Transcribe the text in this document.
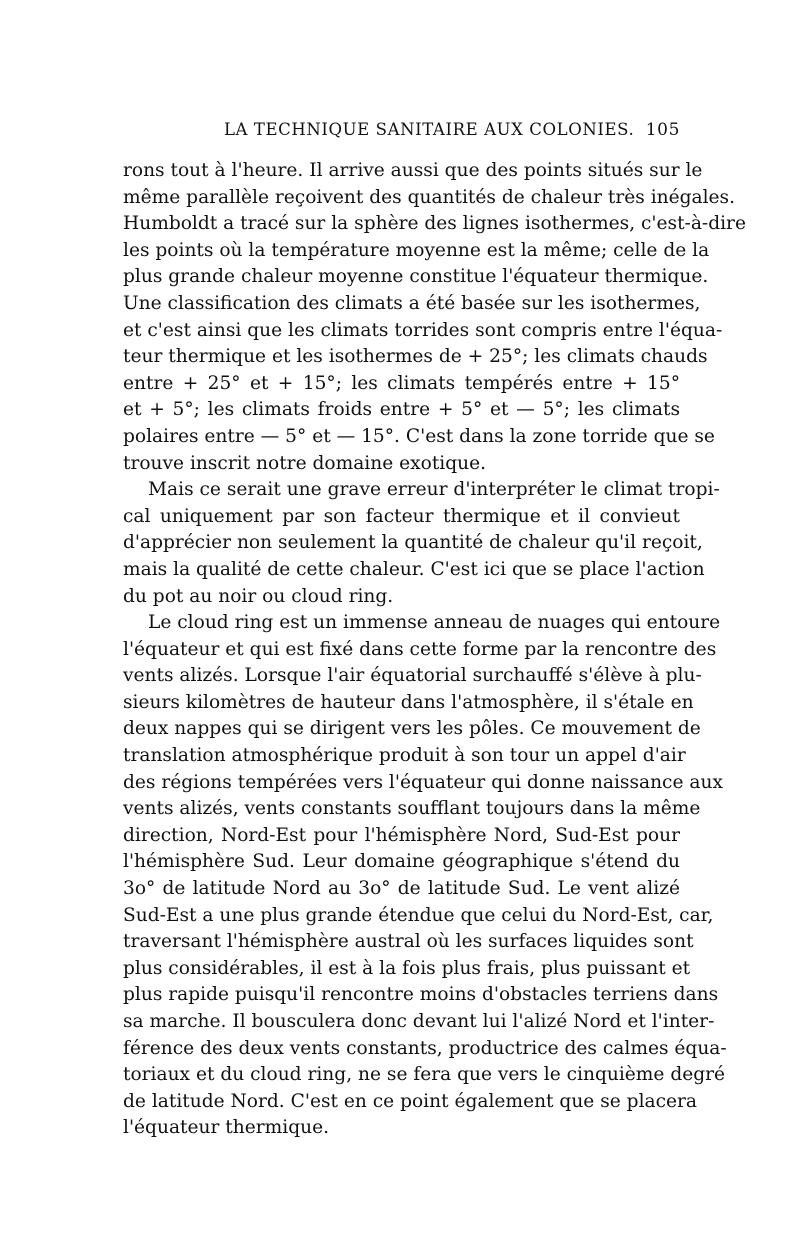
LA TECHNIQUE SANITAIRE AUX COLONIES. 105
rons tout à l'heure. Il arrive aussi que des points situés sur le
même parallèle reçoivent des quantités de chaleur très inégales.
Humboldt a tracé sur la sphère des lignes isothermes, c'est-à-dire
les points où la température moyenne est la même; celle de la
plus grande chaleur moyenne constitue l'équateur thermique.
Une classification des climats a été basée sur les isothermes,
et c'est ainsi que les climats torrides sont compris entre l'équa-
teur thermique et les isothermes de + 25°; les climats chauds
entre + 25° et + 15°; les climats tempérés entre + 15°
et + 5°; les climats froids entre + 5° et — 5°; les climats
polaires entre — 5° et — 15°. C'est dans la zone torride que se
trouve inscrit notre domaine exotique.
Mais ce serait une grave erreur d'interpréter le climat tropi-
cal uniquement par son facteur thermique et il convieut
d'apprécier non seulement la quantité de chaleur qu'il reçoit,
mais la qualité de cette chaleur. C'est ici que se place l'action
du pot au noir ou cloud ring.
Le cloud ring est un immense anneau de nuages qui entoure
l'équateur et qui est fixé dans cette forme par la rencontre des
vents alizés. Lorsque l'air équatorial surchauffé s'élève à plu-
sieurs kilomètres de hauteur dans l'atmosphère, il s'étale en
deux nappes qui se dirigent vers les pôles. Ce mouvement de
translation atmosphérique produit à son tour un appel d'air
des régions tempérées vers l'équateur qui donne naissance aux
vents alizés, vents constants soufflant toujours dans la même
direction, Nord-Est pour l'hémisphère Nord, Sud-Est pour
l'hémisphère Sud. Leur domaine géographique s'étend du
3o° de latitude Nord au 3o° de latitude Sud. Le vent alizé
Sud-Est a une plus grande étendue que celui du Nord-Est, car,
traversant l'hémisphère austral où les surfaces liquides sont
plus considérables, il est à la fois plus frais, plus puissant et
plus rapide puisqu'il rencontre moins d'obstacles terriens dans
sa marche. Il bousculera donc devant lui l'alizé Nord et l'inter-
férence des deux vents constants, productrice des calmes équa-
toriaux et du cloud ring, ne se fera que vers le cinquième degré
de latitude Nord. C'est en ce point également que se placera
l'équateur thermique.
